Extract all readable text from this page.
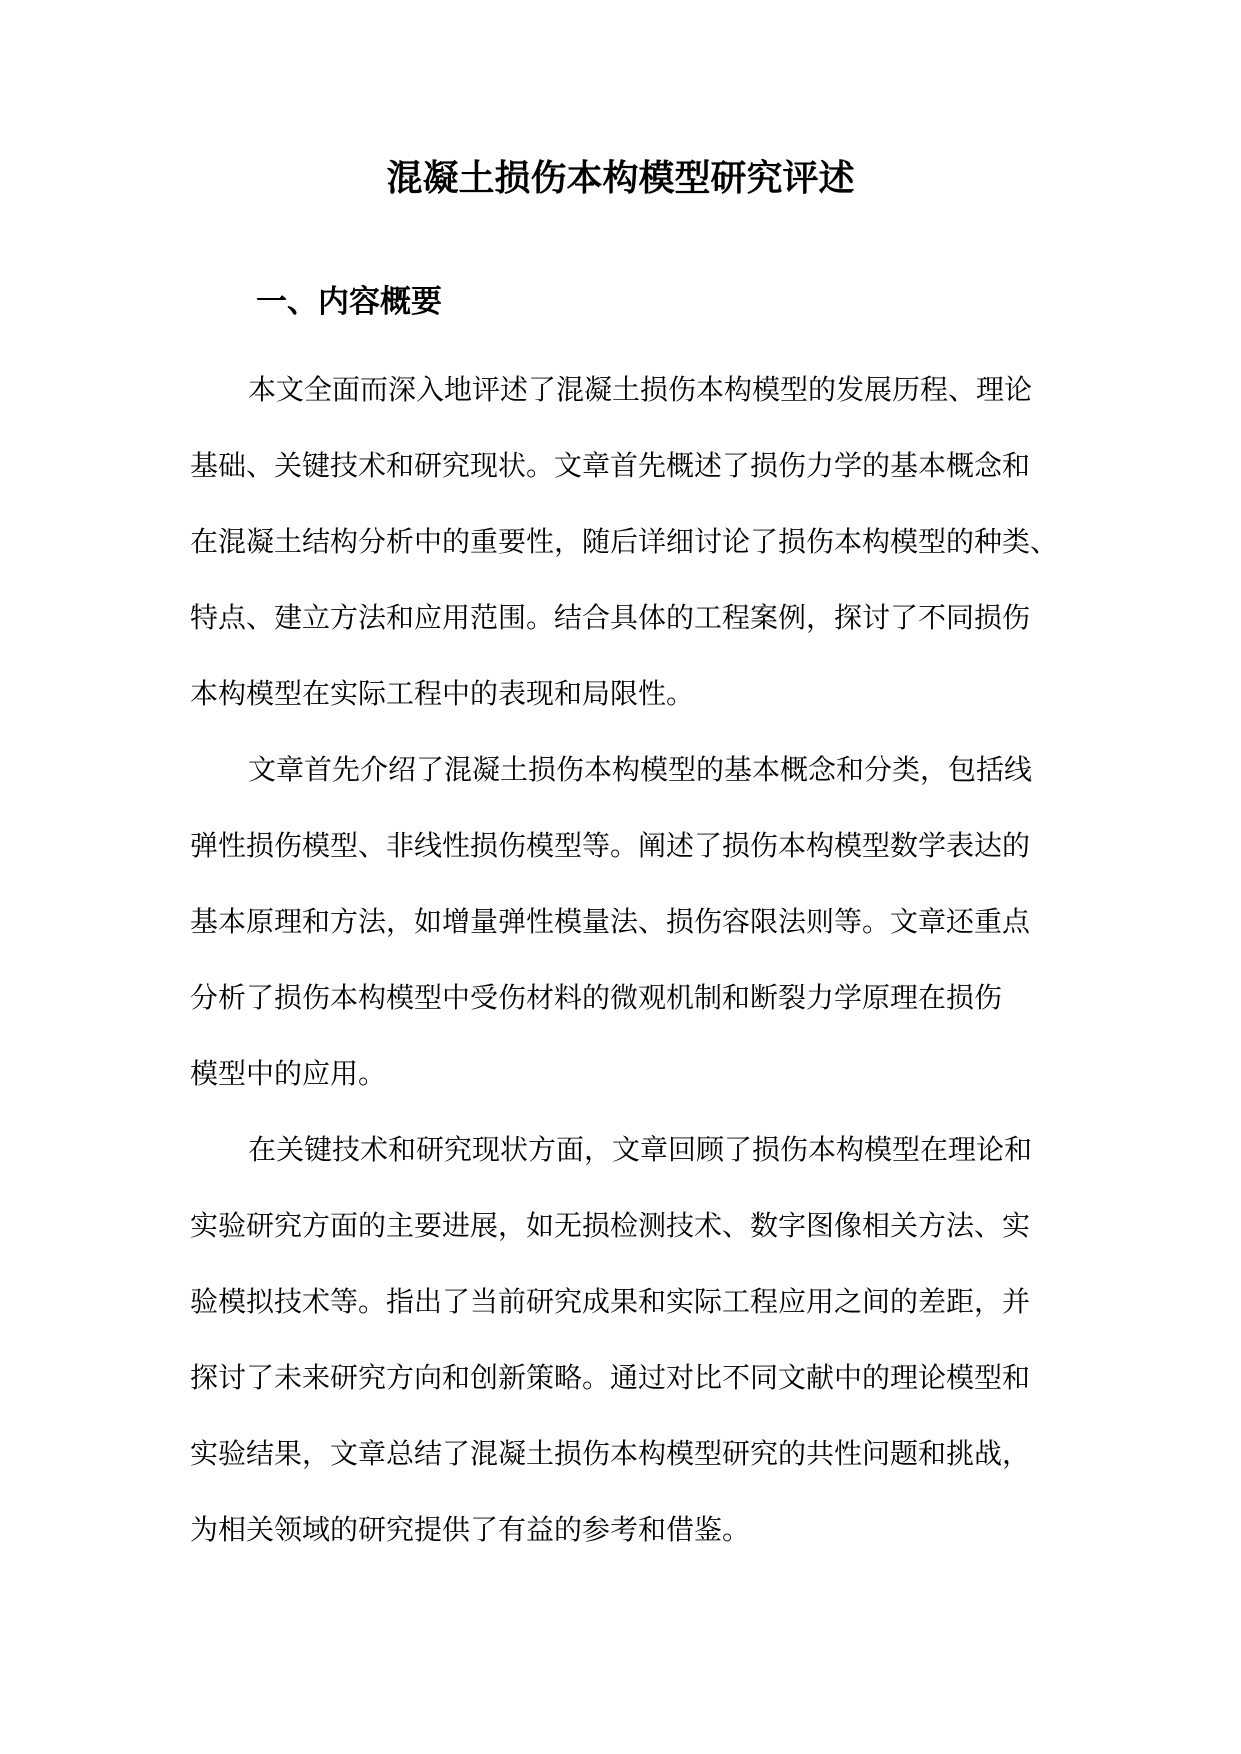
混凝土损伤本构模型研究评述
一、内容概要
本文全面而深入地评述了混凝土损伤本构模型的发展历程、理论
基础、关键技术和研究现状。文章首先概述了损伤力学的基本概念和
在混凝土结构分析中的重要性，随后详细讨论了损伤本构模型的种类、
特点、建立方法和应用范围。结合具体的工程案例，探讨了不同损伤
本构模型在实际工程中的表现和局限性。
文章首先介绍了混凝土损伤本构模型的基本概念和分类，包括线
弹性损伤模型、非线性损伤模型等。阐述了损伤本构模型数学表达的
基本原理和方法，如增量弹性模量法、损伤容限法则等。文章还重点
分析了损伤本构模型中受伤材料的微观机制和断裂力学原理在损伤
模型中的应用。
在关键技术和研究现状方面，文章回顾了损伤本构模型在理论和
实验研究方面的主要进展，如无损检测技术、数字图像相关方法、实
验模拟技术等。指出了当前研究成果和实际工程应用之间的差距，并
探讨了未来研究方向和创新策略。通过对比不同文献中的理论模型和
实验结果，文章总结了混凝土损伤本构模型研究的共性问题和挑战，
为相关领域的研究提供了有益的参考和借鉴。
